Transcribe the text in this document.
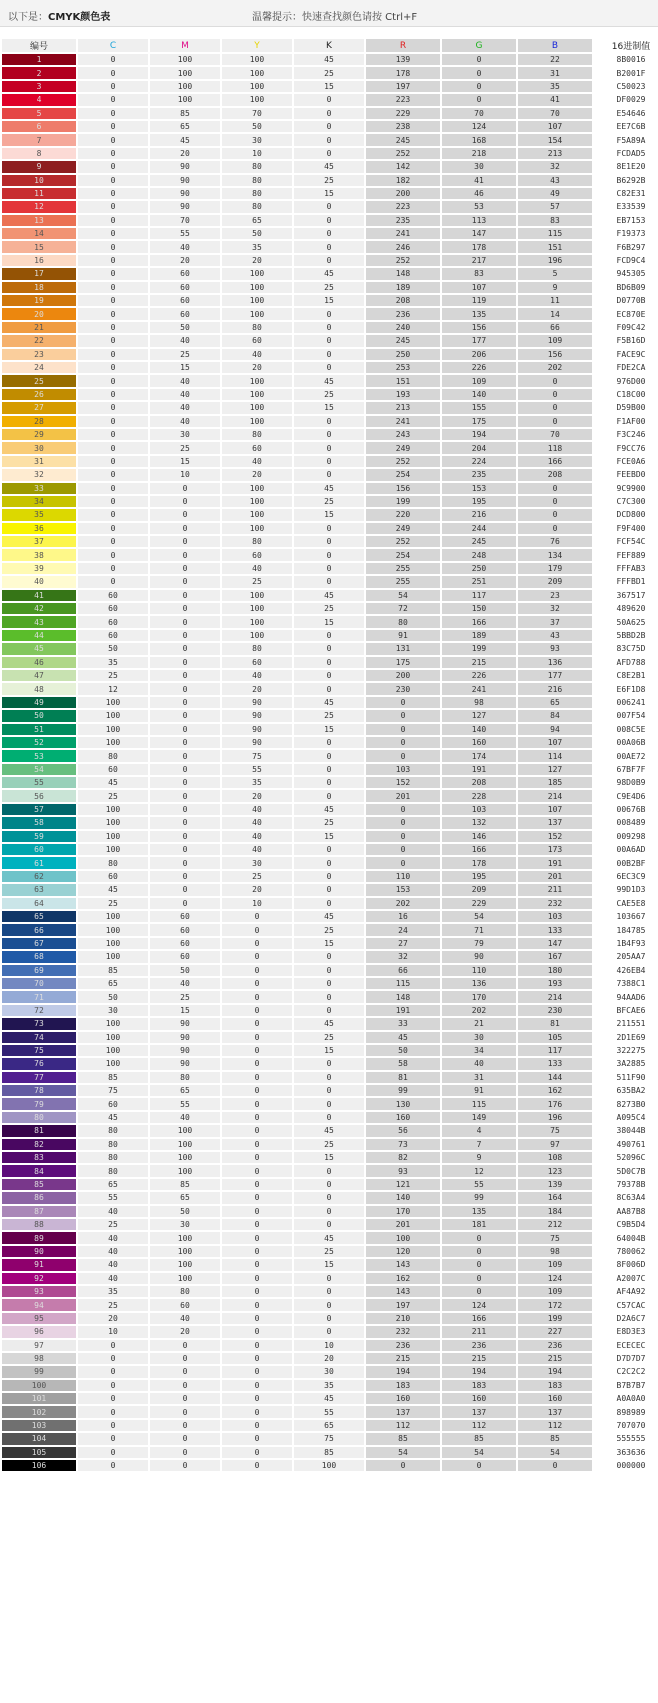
以下是：CMYK颜色表	温馨提示：快速查找颜色请按 Ctrl+F
编号	C	M	Y	K	R	G	B	16进制值
1	0	100	100	45	139	0	22	8B0016
2	0	100	100	25	178	0	31	B2001F
3	0	100	100	15	197	0	35	C50023
4	0	100	100	0	223	0	41	DF0029
5	0	85	70	0	229	70	70	E54646
6	0	65	50	0	238	124	107	EE7C6B
7	0	45	30	0	245	168	154	F5A89A
8	0	20	10	0	252	218	213	FCDAD5
9	0	90	80	45	142	30	32	8E1E20
10	0	90	80	25	182	41	43	B6292B
11	0	90	80	15	200	46	49	C82E31
12	0	90	80	0	223	53	57	E33539
13	0	70	65	0	235	113	83	EB7153
14	0	55	50	0	241	147	115	F19373
15	0	40	35	0	246	178	151	F6B297
16	0	20	20	0	252	217	196	FCD9C4
17	0	60	100	45	148	83	5	945305
18	0	60	100	25	189	107	9	BD6B09
19	0	60	100	15	208	119	11	D0770B
20	0	60	100	0	236	135	14	EC870E
21	0	50	80	0	240	156	66	F09C42
22	0	40	60	0	245	177	109	F5B16D
23	0	25	40	0	250	206	156	FACE9C
24	0	15	20	0	253	226	202	FDE2CA
25	0	40	100	45	151	109	0	976D00
26	0	40	100	25	193	140	0	C18C00
27	0	40	100	15	213	155	0	D59B00
28	0	40	100	0	241	175	0	F1AF00
29	0	30	80	0	243	194	70	F3C246
30	0	25	60	0	249	204	118	F9CC76
31	0	15	40	0	252	224	166	FCE0A6
32	0	10	20	0	254	235	208	FEEBD0
33	0	0	100	45	156	153	0	9C9900
34	0	0	100	25	199	195	0	C7C300
35	0	0	100	15	220	216	0	DCD800
36	0	0	100	0	249	244	0	F9F400
37	0	0	80	0	252	245	76	FCF54C
38	0	0	60	0	254	248	134	FEF889
39	0	0	40	0	255	250	179	FFFAB3
40	0	0	25	0	255	251	209	FFFBD1
41	60	0	100	45	54	117	23	367517
42	60	0	100	25	72	150	32	489620
43	60	0	100	15	80	166	37	50A625
44	60	0	100	0	91	189	43	5BBD2B
45	50	0	80	0	131	199	93	83C75D
46	35	0	60	0	175	215	136	AFD788
47	25	0	40	0	200	226	177	C8E2B1
48	12	0	20	0	230	241	216	E6F1D8
49	100	0	90	45	0	98	65	006241
50	100	0	90	25	0	127	84	007F54
51	100	0	90	15	0	140	94	008C5E
52	100	0	90	0	0	160	107	00A06B
53	80	0	75	0	0	174	114	00AE72
54	60	0	55	0	103	191	127	67BF7F
55	45	0	35	0	152	208	185	98D0B9
56	25	0	20	0	201	228	214	C9E4D6
57	100	0	40	45	0	103	107	00676B
58	100	0	40	25	0	132	137	008489
59	100	0	40	15	0	146	152	009298
60	100	0	40	0	0	166	173	00A6AD
61	80	0	30	0	0	178	191	00B2BF
62	60	0	25	0	110	195	201	6EC3C9
63	45	0	20	0	153	209	211	99D1D3
64	25	0	10	0	202	229	232	CAE5E8
65	100	60	0	45	16	54	103	103667
66	100	60	0	25	24	71	133	184785
67	100	60	0	15	27	79	147	1B4F93
68	100	60	0	0	32	90	167	205AA7
69	85	50	0	0	66	110	180	426EB4
70	65	40	0	0	115	136	193	7388C1
71	50	25	0	0	148	170	214	94AAD6
72	30	15	0	0	191	202	230	BFCAE6
73	100	90	0	45	33	21	81	211551
74	100	90	0	25	45	30	105	2D1E69
75	100	90	0	15	50	34	117	322275
76	100	90	0	0	58	40	133	3A2885
77	85	80	0	0	81	31	144	511F90
78	75	65	0	0	99	91	162	635BA2
79	60	55	0	0	130	115	176	8273B0
80	45	40	0	0	160	149	196	A095C4
81	80	100	0	45	56	4	75	38044B
82	80	100	0	25	73	7	97	490761
83	80	100	0	15	82	9	108	52096C
84	80	100	0	0	93	12	123	5D0C7B
85	65	85	0	0	121	55	139	79378B
86	55	65	0	0	140	99	164	8C63A4
87	40	50	0	0	170	135	184	AA87B8
88	25	30	0	0	201	181	212	C9B5D4
89	40	100	0	45	100	0	75	64004B
90	40	100	0	25	120	0	98	780062
91	40	100	0	15	143	0	109	8F006D
92	40	100	0	0	162	0	124	A2007C
93	35	80	0	0	143	0	109	AF4A92
94	25	60	0	0	197	124	172	C57CAC
95	20	40	0	0	210	166	199	D2A6C7
96	10	20	0	0	232	211	227	E8D3E3
97	0	0	0	10	236	236	236	ECECEC
98	0	0	0	20	215	215	215	D7D7D7
99	0	0	0	30	194	194	194	C2C2C2
100	0	0	0	35	183	183	183	B7B7B7
101	0	0	0	45	160	160	160	A0A0A0
102	0	0	0	55	137	137	137	898989
103	0	0	0	65	112	112	112	707070
104	0	0	0	75	85	85	85	555555
105	0	0	0	85	54	54	54	363636
106	0	0	0	100	0	0	0	000000
